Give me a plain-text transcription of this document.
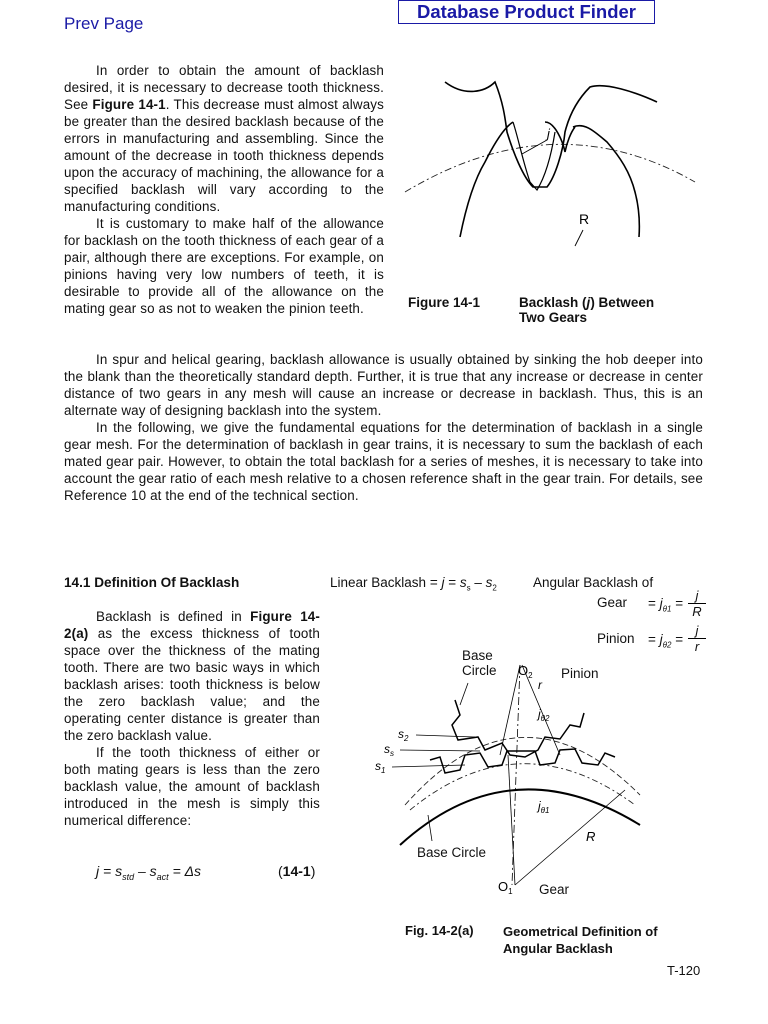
Prev Page
Database Product Finder

In order to obtain the amount of backlash desired, it is necessary to decrease tooth thickness. See Figure 14-1. This decrease must almost always be greater than the desired backlash because of the errors in manufacturing and assembling. Since the amount of the decrease in tooth thickness depends upon the accuracy of machining, the allowance for a specified backlash will vary according to the manufacturing conditions.

It is customary to make half of the allowance for backlash on the tooth thickness of each gear of a pair, although there are exceptions. For example, on pinions having very low numbers of teeth, it is desirable to provide all of the allowance on the mating gear so as not to weaken the pinion teeth.

In spur and helical gearing, backlash allowance is usually obtained by sinking the hob deeper into the blank than the theoretically standard depth. Further, it is true that any increase or decrease in center distance of two gears in any mesh will cause an increase or decrease in backlash. Thus, this is an alternate way of designing backlash into the system.

In the following, we give the fundamental equations for the determination of backlash in a single gear mesh. For the determination of backlash in gear trains, it is necessary to sum the backlash of each mated gear pair. However, to obtain the total backlash for a series of meshes, it is necessary to take into account the gear ratio of each mesh relative to a chosen reference shaft in the gear train. For details, see Reference 10 at the end of the technical section.

j
R
Figure 14-1	Backlash (j) Between
Two Gears
14.1 Definition Of Backlash

Backlash is defined in Figure 14-2(a) as the excess thickness of tooth space over the thickness of the mating tooth. There are two basic ways in which backlash arises: tooth thickness is below the zero backlash value; and the operating center distance is greater than the zero backlash value.

If the tooth thickness of either or both mating gears is less than the zero backlash value, the amount of backlash introduced in the mesh is simply this numerical difference:

$j = s_{std} - s_{act} = \Delta s$	(14-1)
Linear Backlash = $j = s_s - s_2$	Angular Backlash of
Gear = $j_{\theta 1}$ =
j
R
Pinion = $j_{\theta 2}$ =
j
r
$s_2$
$s_s$
$s_1$
$O_2$
r
$j_{\theta 2}$
$j_{\theta 1}$
R
$O_1$
Base
Circle	Pinion
Base Circle
Gear
Fig. 14-2(a) Geometrical Definition of
Angular Backlash
T-120
